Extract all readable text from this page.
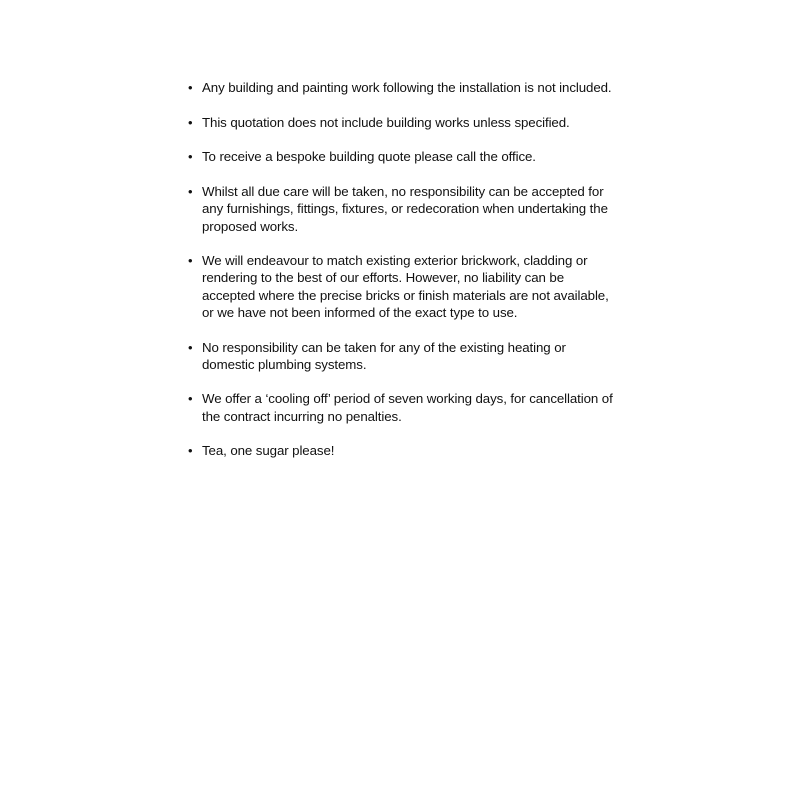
• Any building and painting work following the installation is not included.
• This quotation does not include building works unless specified.
• To receive a bespoke building quote please call the office.
• Whilst all due care will be taken, no responsibility can be accepted for any furnishings, fittings, fixtures, or redecoration when undertaking the proposed works.
• We will endeavour to match existing exterior brickwork, cladding or rendering to the best of our efforts. However, no liability can be accepted where the precise bricks or finish materials are not available, or we have not been informed of the exact type to use.
• No responsibility can be taken for any of the existing heating or domestic plumbing systems.
• We offer a ‘cooling off’ period of seven working days, for cancellation of the contract incurring no penalties.
• Tea, one sugar please!
